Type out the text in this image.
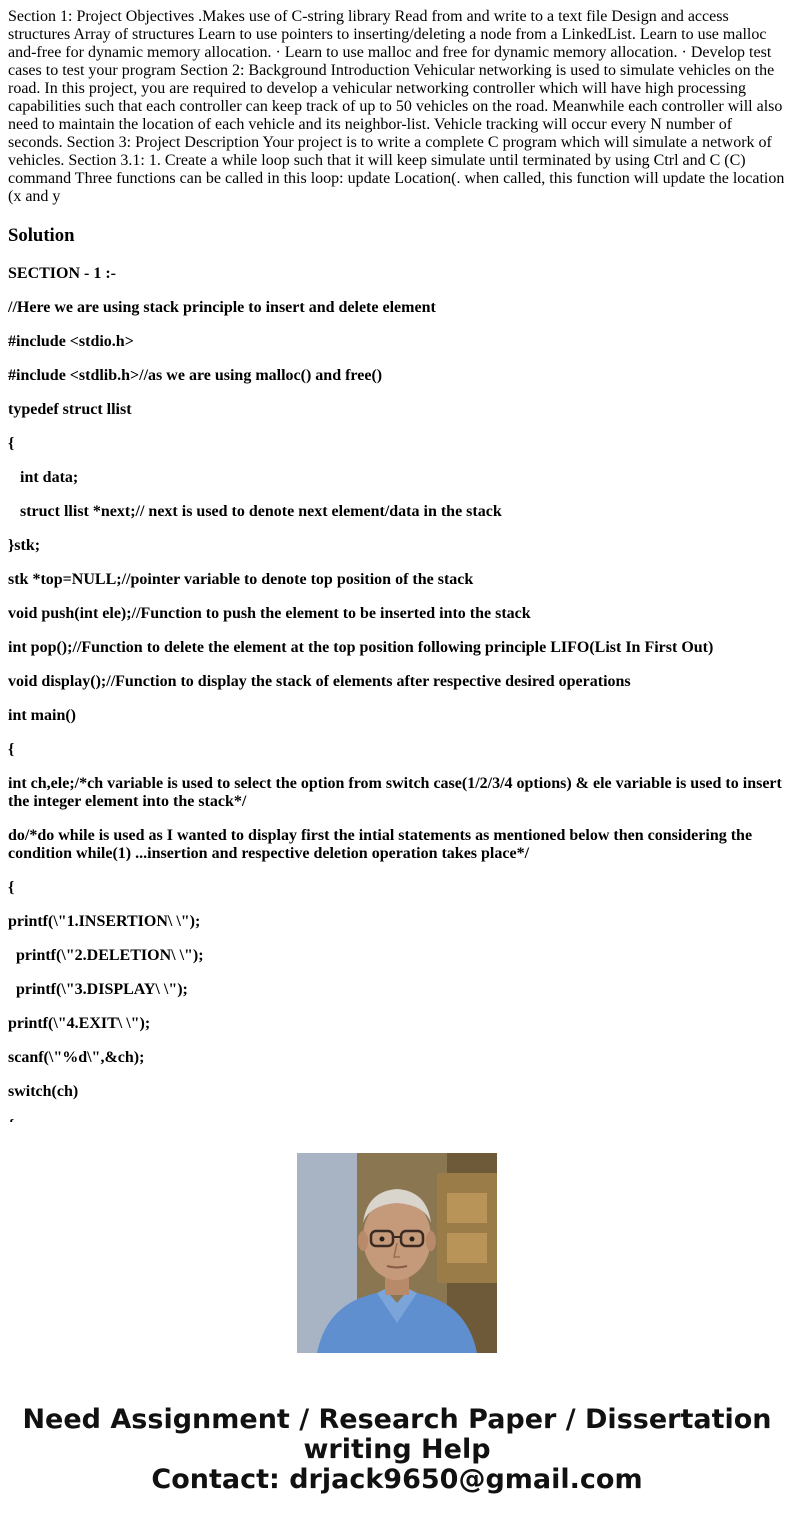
Section 1: Project Objectives .Makes use of C-string library Read from and write to a text file Design and access structures Array of structures Learn to use pointers to inserting/deleting a node from a LinkedList. Learn to use malloc and-free for dynamic memory allocation. · Learn to use malloc and free for dynamic memory allocation. · Develop test cases to test your program Section 2: Background Introduction Vehicular networking is used to simulate vehicles on the road. In this project, you are required to develop a vehicular networking controller which will have high processing capabilities such that each controller can keep track of up to 50 vehicles on the road. Meanwhile each controller will also need to maintain the location of each vehicle and its neighbor-list. Vehicle tracking will occur every N number of seconds. Section 3: Project Description Your project is to write a complete C program which will simulate a network of vehicles. Section 3.1: 1. Create a while loop such that it will keep simulate until terminated by using Ctrl and C (C) command Three functions can be called in this loop: update Location(. when called, this function will update the location (x and y

Solution

SECTION - 1 :-

//Here we are using stack principle to insert and delete element

#include <stdio.h>

#include <stdlib.h>//as we are using malloc() and free()

typedef struct llist

{

int data;

struct llist *next;// next is used to denote next element/data in the stack

}stk;

stk *top=NULL;//pointer variable to denote top position of the stack

void push(int ele);//Function to push the element to be inserted into the stack

int pop();//Function to delete the element at the top position following principle LIFO(List In First Out)

void display();//Function to display the stack of elements after respective desired operations

int main()

{

int ch,ele;/*ch variable is used to select the option from switch case(1/2/3/4 options) & ele variable is used to insert the integer element into the stack*/

do/*do while is used as I wanted to display first the intial statements as mentioned below then considering the condition while(1) ...insertion and respective deletion operation takes place*/

{

printf(\"1.INSERTION\ \");

printf(\"2.DELETION\ \");

printf(\"3.DISPLAY\ \");

printf(\"4.EXIT\ \");

scanf(\"%d\",&ch);

switch(ch)

Need Assignment / Research Paper / Dissertation
writing Help
Contact: drjack9650@gmail.com
